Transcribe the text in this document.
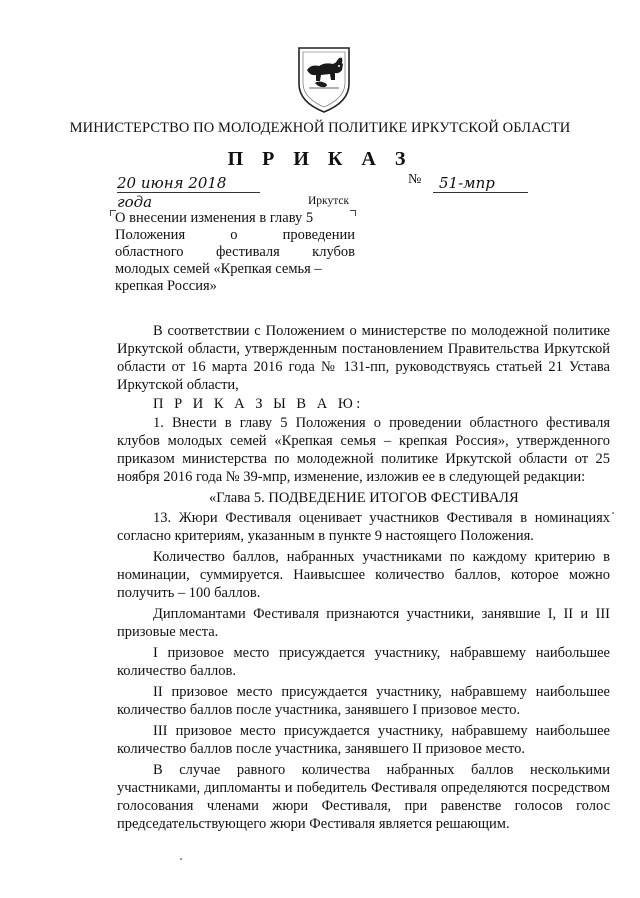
МИНИСТЕРСТВО ПО МОЛОДЕЖНОЙ ПОЛИТИКЕ ИРКУТСКОЙ ОБЛАСТИ
П Р И К А З
20 июня 2018 года
№	51-мпр
Иркутск
О внесении изменения в главу 5
Положения	о	проведении
областного фестиваля клубов
молодых семей «Крепкая семья –
крепкая Россия»

В соответствии с Положением о министерстве по молодежной политике Иркутской области, утвержденным постановлением Правительства Иркутской области от 16 марта 2016 года № 131-пп, руководствуясь статьей 21 Устава Иркутской области,

П Р И К А З Ы В А Ю:

1. Внести в главу 5 Положения о проведении областного фестиваля клубов молодых семей «Крепкая семья – крепкая Россия», утвержденного приказом министерства по молодежной политике Иркутской области от 25 ноября 2016 года № 39-мпр, изменение, изложив ее в следующей редакции:

«Глава 5. ПОДВЕДЕНИЕ ИТОГОВ ФЕСТИВАЛЯ

13. Жюри Фестиваля оценивает участников Фестиваля в номинациях согласно критериям, указанным в пункте 9 настоящего Положения.

Количество баллов, набранных участниками по каждому критерию в номинации, суммируется. Наивысшее количество баллов, которое можно получить – 100 баллов.

Дипломантами Фестиваля признаются участники, занявшие I, II и III призовые места.

I призовое место присуждается участнику, набравшему наибольшее количество баллов.

II призовое место присуждается участнику, набравшему наибольшее количество баллов после участника, занявшего I призовое место.

III призовое место присуждается участнику, набравшему наибольшее количество баллов после участника, занявшего II призовое место.

В случае равного количества набранных баллов несколькими участниками, дипломанты и победитель Фестиваля определяются посредством голосования членами жюри Фестиваля, при равенстве голосов голос председательствующего жюри Фестиваля является решающим.
